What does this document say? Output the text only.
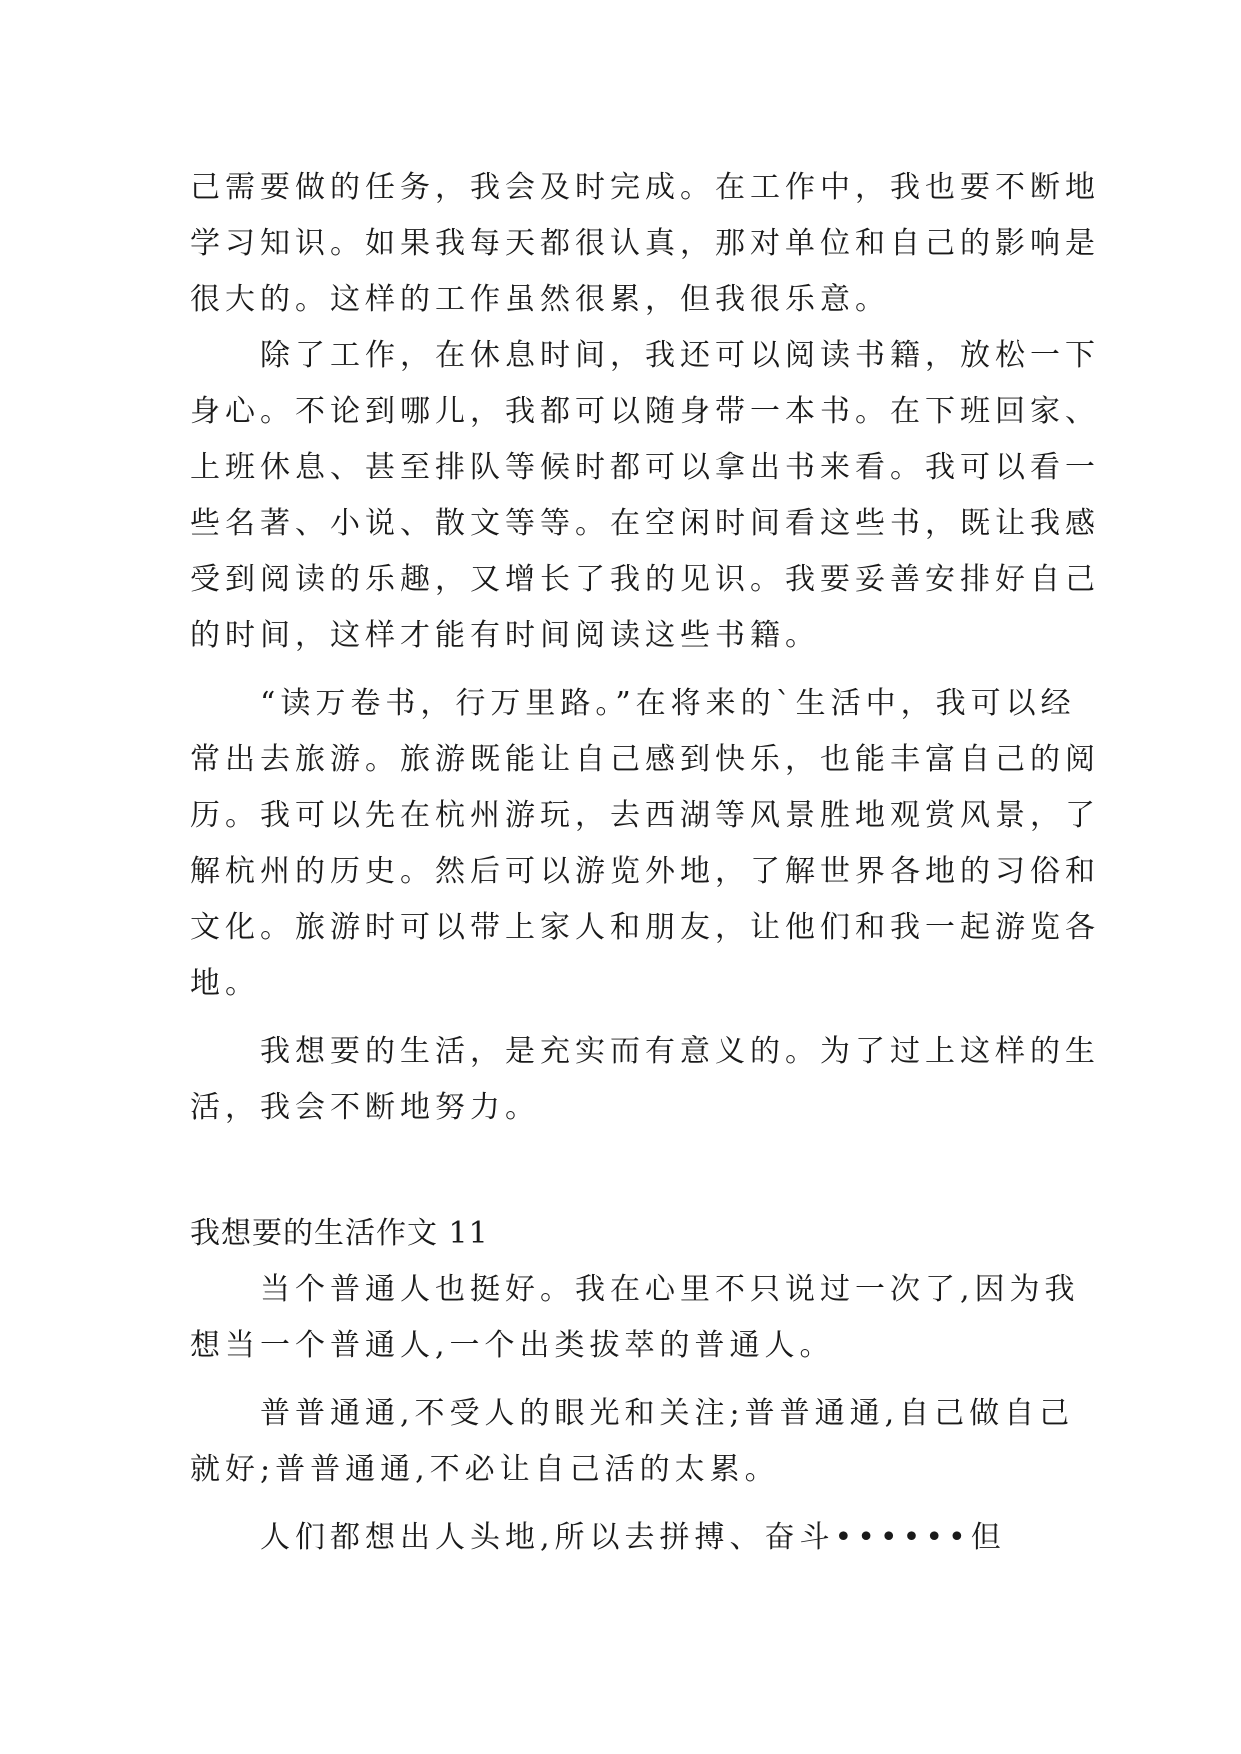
己需要做的任务，我会及时完成。在工作中，我也要不断地
学习知识。如果我每天都很认真，那对单位和自己的影响是
很大的。这样的工作虽然很累，但我很乐意。
　　除了工作，在休息时间，我还可以阅读书籍，放松一下
身心。不论到哪儿，我都可以随身带一本书。在下班回家、
上班休息、甚至排队等候时都可以拿出书来看。我可以看一
些名著、小说、散文等等。在空闲时间看这些书，既让我感
受到阅读的乐趣，又增长了我的见识。我要妥善安排好自己
的时间，这样才能有时间阅读这些书籍。
　　“读万卷书，行万里路。”在将来的`生活中，我可以经
常出去旅游。旅游既能让自己感到快乐，也能丰富自己的阅
历。我可以先在杭州游玩，去西湖等风景胜地观赏风景，了
解杭州的历史。然后可以游览外地，了解世界各地的习俗和
文化。旅游时可以带上家人和朋友，让他们和我一起游览各
地。
　　我想要的生活，是充实而有意义的。为了过上这样的生
活，我会不断地努力。
我想要的生活作文 11
　　当个普通人也挺好。我在心里不只说过一次了,因为我
想当一个普通人,一个出类拔萃的普通人。
　　普普通通,不受人的眼光和关注;普普通通,自己做自己
就好;普普通通,不必让自己活的太累。
　　人们都想出人头地,所以去拼搏、奋斗••••••但
